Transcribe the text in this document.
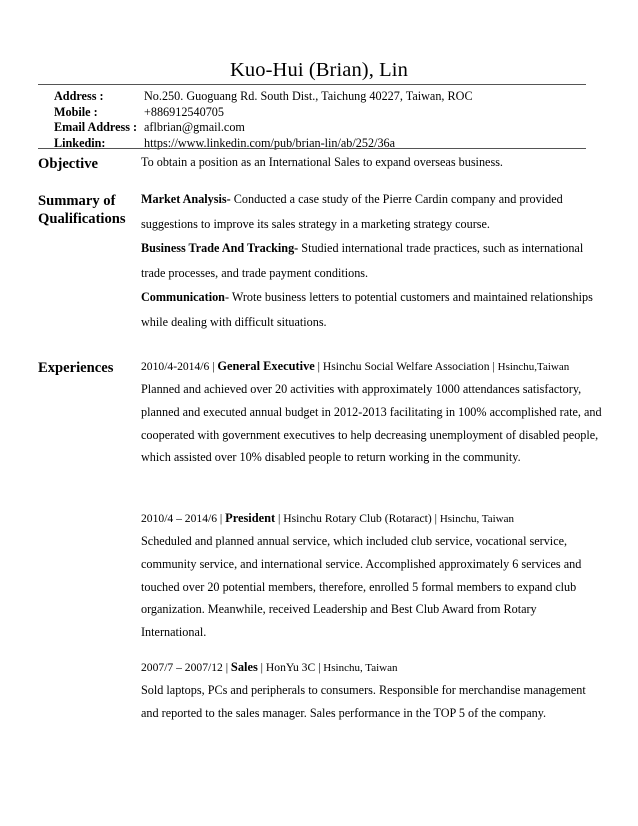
Kuo-Hui (Brian), Lin
Address :	No.250. Guoguang Rd. South Dist., Taichung 40227, Taiwan, ROC
Mobile :	+886912540705
Email Address : aflbrian@gmail.com
Linkedin:	https://www.linkedin.com/pub/brian-lin/ab/252/36a
Objective	To obtain a position as an International Sales to expand overseas business.
Summary of
Qualifications
Market Analysis- Conducted a case study of the Pierre Cardin company and provided suggestions to improve its sales strategy in a marketing strategy course.
Business Trade And Tracking- Studied international trade practices, such as international trade processes, and trade payment conditions.
Communication- Wrote business letters to potential customers and maintained relationships while dealing with difficult situations.
Experiences 2010/4-2014/6 | General Executive | Hsinchu Social Welfare Association | Hsinchu,Taiwan
Planned and achieved over 20 activities with approximately 1000 attendances satisfactory, planned and executed annual budget in 2012-2013 facilitating in 100% accomplished rate, and cooperated with government executives to help decreasing unemployment of disabled people, which assisted over 10% disabled people to return working in the community.
2010/4 – 2014/6 | President | Hsinchu Rotary Club (Rotaract) | Hsinchu, Taiwan
Scheduled and planned annual service, which included club service, vocational service, community service, and international service. Accomplished approximately 6 services and touched over 20 potential members, therefore, enrolled 5 formal members to expand club organization. Meanwhile, received Leadership and Best Club Award from Rotary International.
2007/7 – 2007/12 | Sales | HonYu 3C | Hsinchu, Taiwan
Sold laptops, PCs and peripherals to consumers. Responsible for merchandise management and reported to the sales manager. Sales performance in the TOP 5 of the company.
